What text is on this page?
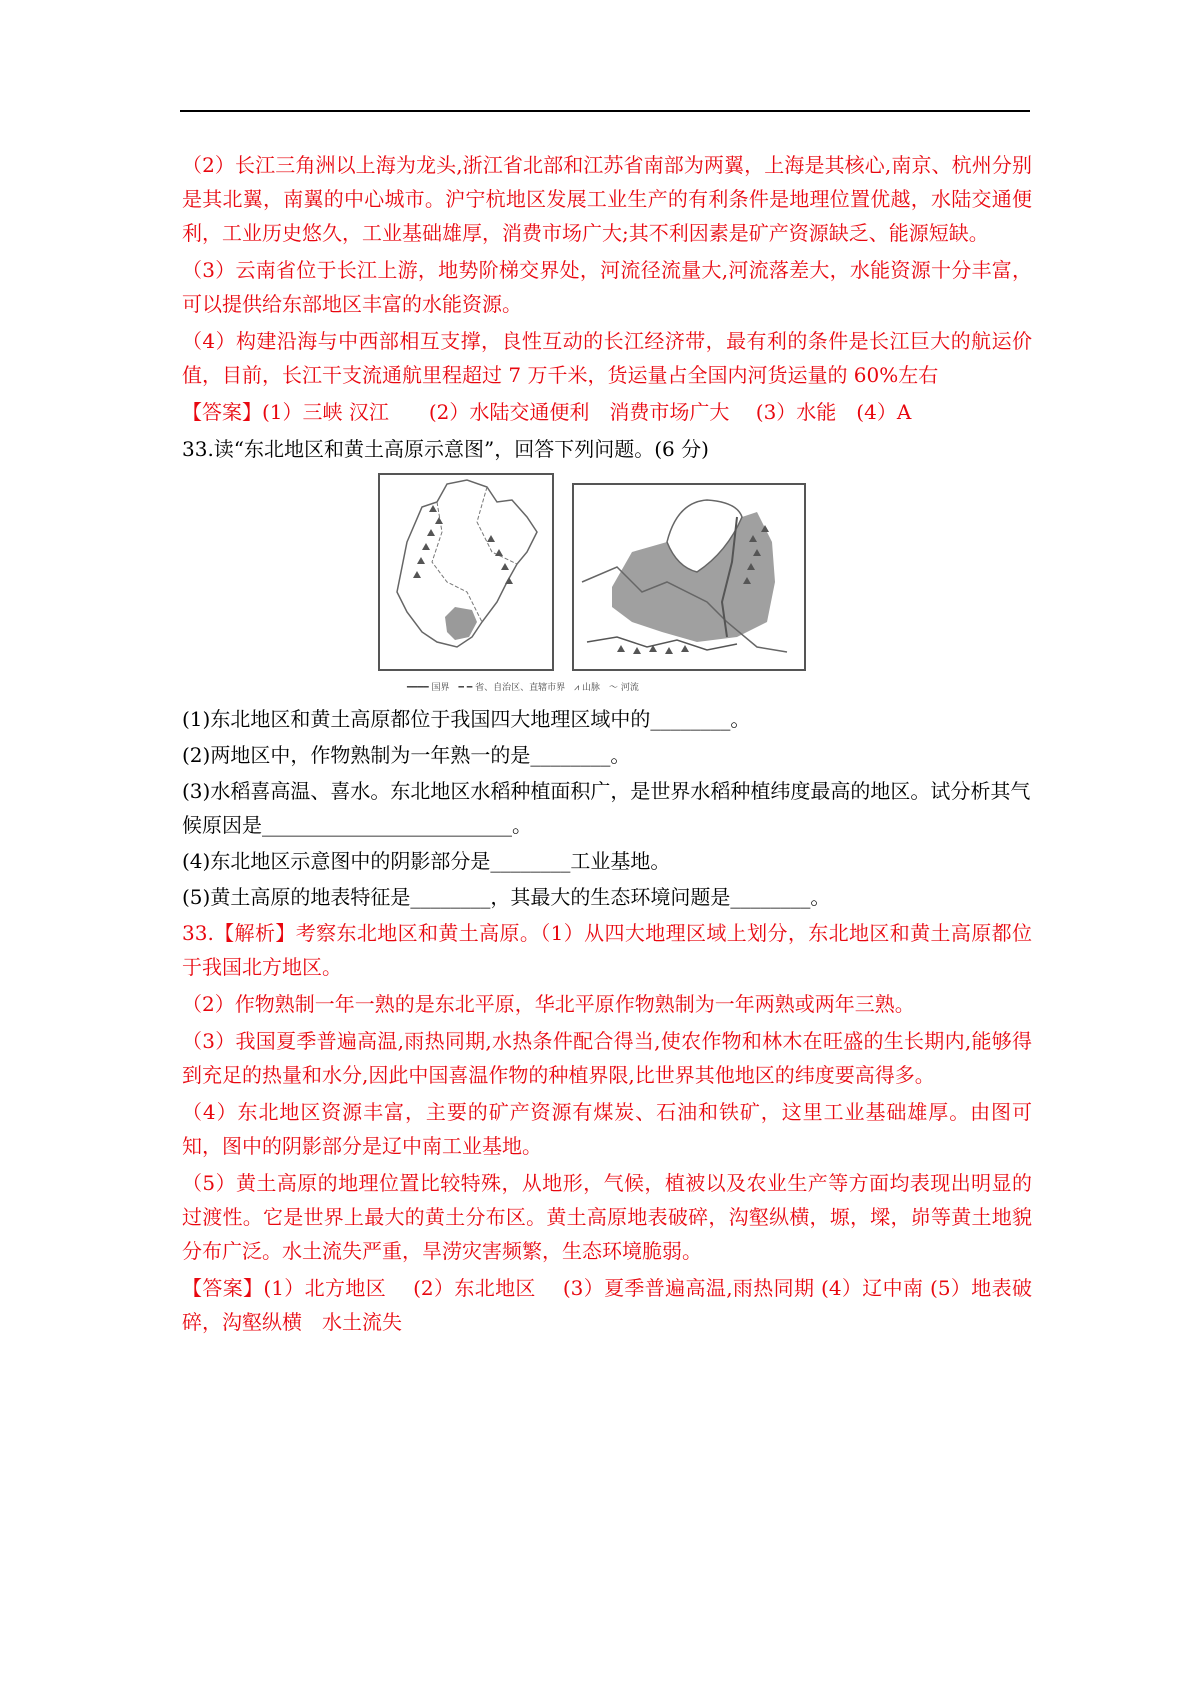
（2）长江三角洲以上海为龙头,浙江省北部和江苏省南部为两翼，上海是其核心,南京、杭州分别是其北翼，南翼的中心城市。沪宁杭地区发展工业生产的有利条件是地理位置优越，水陆交通便利，工业历史悠久，工业基础雄厚，消费市场广大;其不利因素是矿产资源缺乏、能源短缺。

（3）云南省位于长江上游，地势阶梯交界处，河流径流量大,河流落差大，水能资源十分丰富，可以提供给东部地区丰富的水能资源。

（4）构建沿海与中西部相互支撑，良性互动的长江经济带，最有利的条件是长江巨大的航运价值，目前，长江干支流通航里程超过 7 万千米，货运量占全国内河货运量的 60%左右

【答案】(1）三峡 汉江　　(2）水陆交通便利　消费市场广大　 (3）水能　(4）A

33.读“东北地区和黄土高原示意图”，回答下列问题。(6 分)

━━━━ 国界　━ ━ 省、自治区、直辖市界　⩘ 山脉　〜 河流

(1)东北地区和黄土高原都位于我国四大地理区域中的________。

(2)两地区中，作物熟制为一年熟一的是________。

(3)水稻喜高温、喜水。东北地区水稻种植面积广，是世界水稻种植纬度最高的地区。试分析其气候原因是_________________________。

(4)东北地区示意图中的阴影部分是________工业基地。

(5)黄土高原的地表特征是________，其最大的生态环境问题是________。

33.【解析】考察东北地区和黄土高原。（1）从四大地理区域上划分，东北地区和黄土高原都位于我国北方地区。

（2）作物熟制一年一熟的是东北平原，华北平原作物熟制为一年两熟或两年三熟。

（3）我国夏季普遍高温,雨热同期,水热条件配合得当,使农作物和林木在旺盛的生长期内,能够得到充足的热量和水分,因此中国喜温作物的种植界限,比世界其他地区的纬度要高得多。

（4）东北地区资源丰富，主要的矿产资源有煤炭、石油和铁矿，这里工业基础雄厚。由图可知，图中的阴影部分是辽中南工业基地。

（5）黄土高原的地理位置比较特殊，从地形，气候，植被以及农业生产等方面均表现出明显的过渡性。它是世界上最大的黄土分布区。黄土高原地表破碎，沟壑纵横，塬，墚，峁等黄土地貌分布广泛。水土流失严重，旱涝灾害频繁，生态环境脆弱。

【答案】(1）北方地区　 (2）东北地区　 (3）夏季普遍高温,雨热同期 (4）辽中南 (5）地表破碎，沟壑纵横　水土流失
